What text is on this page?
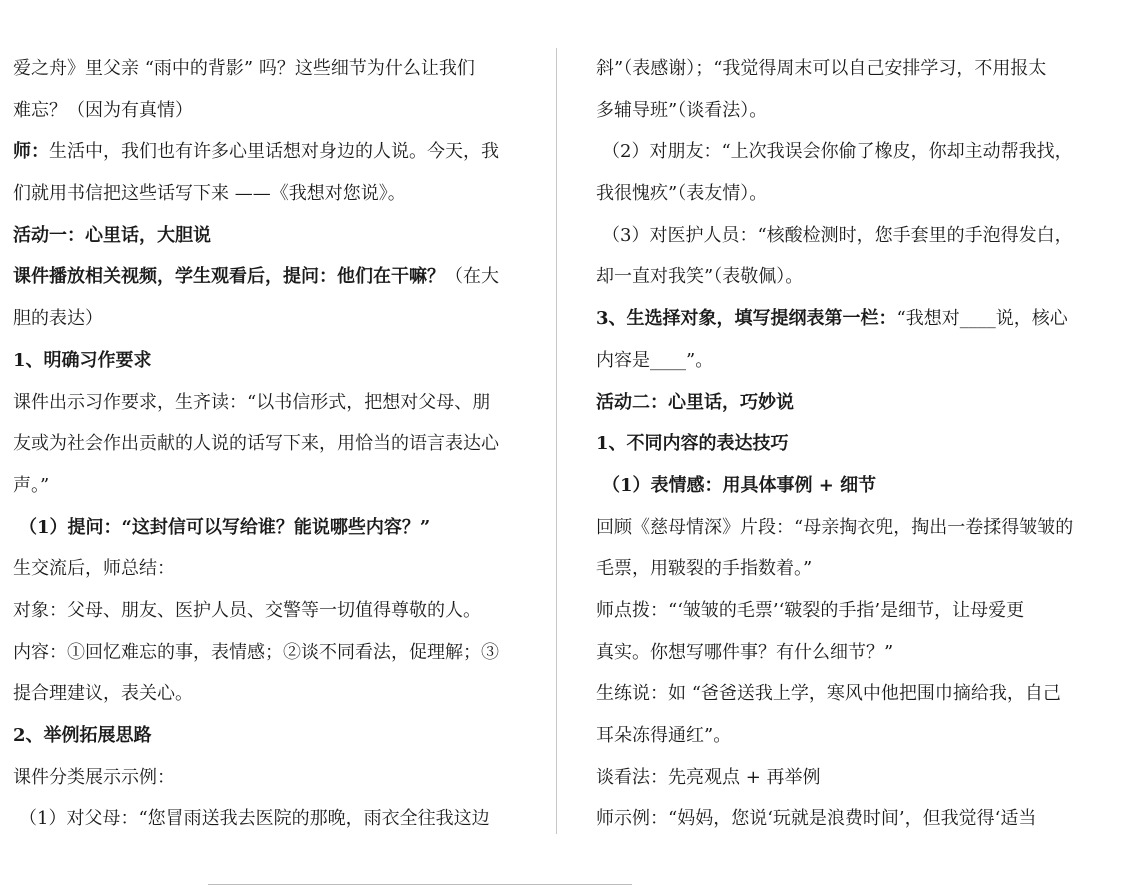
爱之舟》里父亲 “雨中的背影” 吗？这些细节为什么让我们
难忘？（因为有真情）
师：生活中，我们也有许多心里话想对身边的人说。今天，我
们就用书信把这些话写下来 ——《我想对您说》。
活动一：心里话，大胆说
课件播放相关视频，学生观看后，提问：他们在干嘛？（在大
胆的表达）
1、明确习作要求
课件出示习作要求，生齐读：“以书信形式，把想对父母、朋
友或为社会作出贡献的人说的话写下来，用恰当的语言表达心
声。”
（1）提问：“这封信可以写给谁？能说哪些内容？”
生交流后，师总结：
对象：父母、朋友、医护人员、交警等一切值得尊敬的人。
内容：①回忆难忘的事，表情感；②谈不同看法，促理解；③
提合理建议，表关心。
2、举例拓展思路
课件分类展示示例：
（1）对父母：“您冒雨送我去医院的那晚，雨衣全往我这边
斜”（表感谢）；“我觉得周末可以自己安排学习，不用报太
多辅导班”（谈看法）。
（2）对朋友：“上次我误会你偷了橡皮，你却主动帮我找，
我很愧疚”（表友情）。
（3）对医护人员：“核酸检测时，您手套里的手泡得发白，
却一直对我笑”（表敬佩）。
3、生选择对象，填写提纲表第一栏：“我想对____说，核心
内容是____”。
活动二：心里话，巧妙说
1、不同内容的表达技巧
（1）表情感：用具体事例 + 细节
回顾《慈母情深》片段：“母亲掏衣兜，掏出一卷揉得皱皱的
毛票，用皲裂的手指数着。”
师点拨：“‘皱皱的毛票’‘皲裂的手指’是细节，让母爱更
真实。你想写哪件事？有什么细节？”
生练说：如 “爸爸送我上学，寒风中他把围巾摘给我，自己
耳朵冻得通红”。
谈看法：先亮观点 + 再举例
师示例：“妈妈，您说‘玩就是浪费时间’，但我觉得‘适当
